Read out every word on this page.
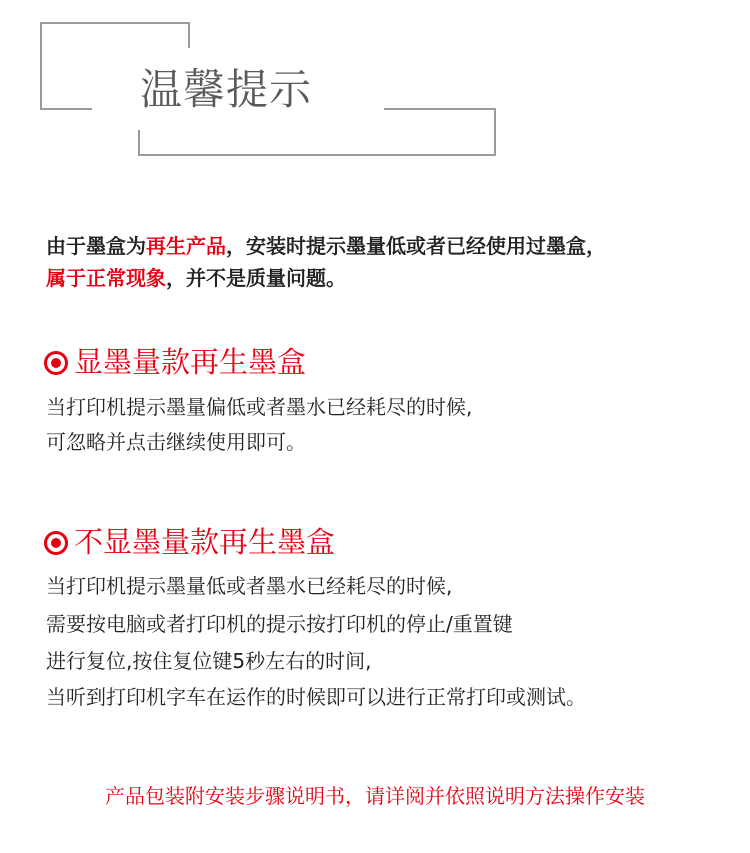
温馨提示
由于墨盒为再生产品，安装时提示墨量低或者已经使用过墨盒，
属于正常现象，并不是质量问题。
显墨量款再生墨盒
当打印机提示墨量偏低或者墨水已经耗尽的时候,
可忽略并点击继续使用即可。
不显墨量款再生墨盒
当打印机提示墨量低或者墨水已经耗尽的时候,
需要按电脑或者打印机的提示按打印机的停止/重置键
进行复位,按住复位键5秒左右的时间,
当听到打印机字车在运作的时候即可以进行正常打印或测试。
产品包装附安装步骤说明书，请详阅并依照说明方法操作安装
